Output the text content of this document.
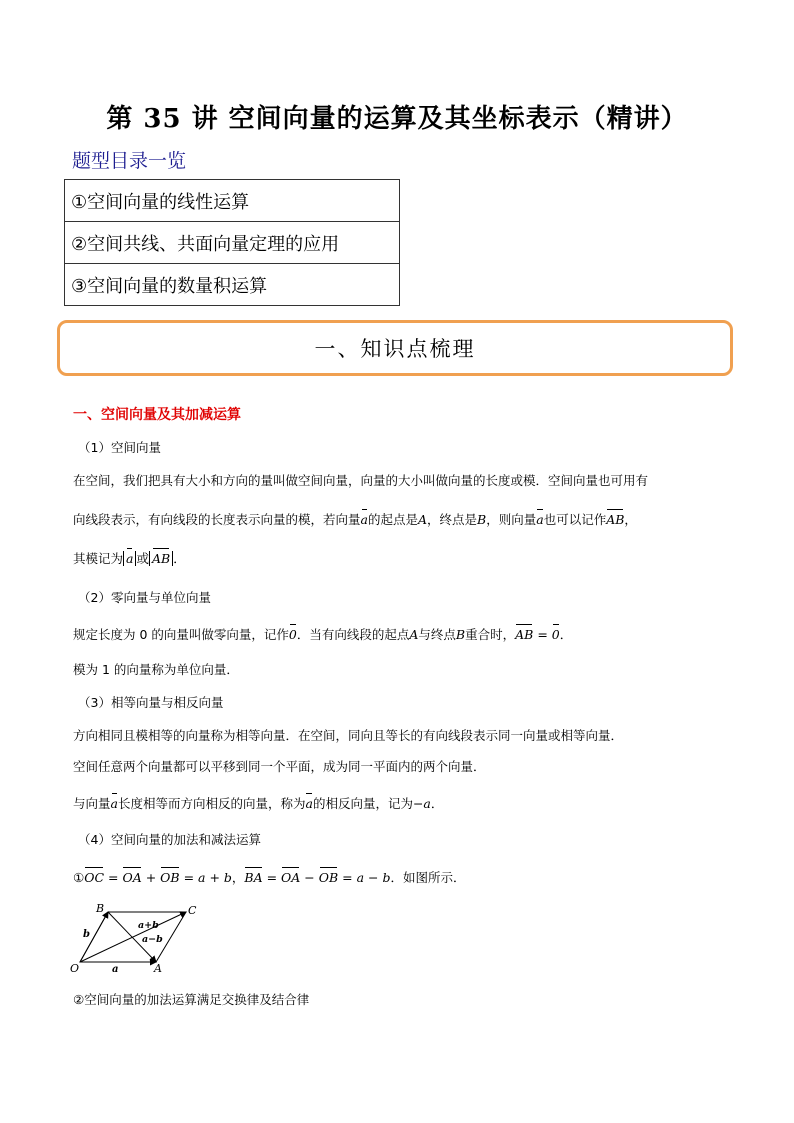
第 35 讲 空间向量的运算及其坐标表示（精讲）
题型目录一览
①空间向量的线性运算
②空间共线、共面向量定理的应用
③空间向量的数量积运算
一、知识点梳理
一、空间向量及其加减运算
（1）空间向量
在空间，我们把具有大小和方向的量叫做空间向量，向量的大小叫做向量的长度或模．空间向量也可用有
向线段表示，有向线段的长度表示向量的模，若向量a的起点是A，终点是B，则向量a也可以记作AB，
其模记为 a 或 AB ．
（2）零向量与单位向量
规定长度为 0 的向量叫做零向量，记作0．当有向线段的起点A与终点B重合时，AB = 0．
模为 1 的向量称为单位向量．
（3）相等向量与相反向量
方向相同且模相等的向量称为相等向量．在空间，同向且等长的有向线段表示同一向量或相等向量．
空间任意两个向量都可以平移到同一个平面，成为同一平面内的两个向量．
与向量a长度相等而方向相反的向量，称为a的相反向量，记为−a．
（4）空间向量的加法和减法运算
①OC = OA + OB = a + b，BA = OA − OB = a − b．如图所示．
O	A
B	C
a
b
a+b
a−b
②空间向量的加法运算满足交换律及结合律
